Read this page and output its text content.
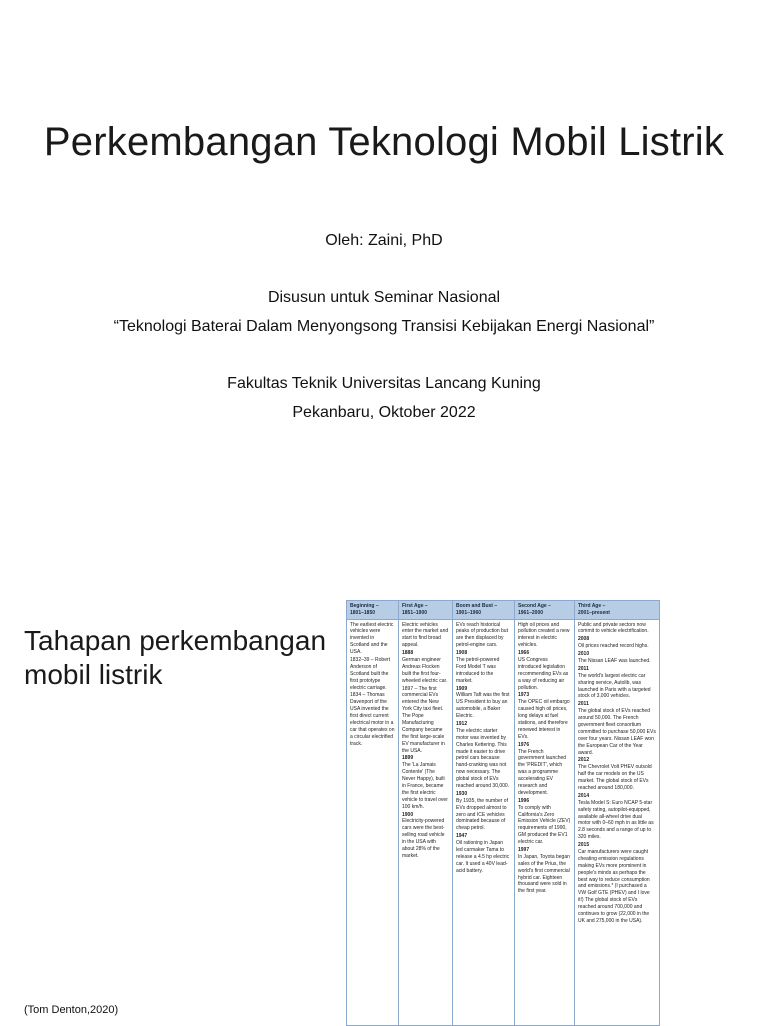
Perkembangan Teknologi Mobil Listrik
Oleh: Zaini, PhD
Disusun untuk Seminar Nasional
“Teknologi Baterai Dalam Menyongsong Transisi Kebijakan Energi Nasional”
Fakultas Teknik Universitas Lancang Kuning
Pekanbaru, Oktober 2022
Tahapan perkembangan mobil listrik
Beginning –
1801–1850
First Age –
1851–1900
Boom and Bust –
1901–1960
Second Age –
1961–2000
Third Age –
2001–present
The earliest electric vehicles were invented in Scotland and the USA.
1832–39 – Robert Anderson of Scotland built the first prototype electric carriage.
1834 – Thomas Davenport of the USA invented the first direct current electrical motor in a car that operates on a circular electrified track.
Electric vehicles enter the market and start to find broad appeal.
1888
German engineer Andreas Flocken built the first four-wheeled electric car.
1897 – The first commercial EVs entered the New York City taxi fleet. The Pope Manufacturing Company became the first large-scale EV manufacturer in the USA.
1899
The 'La Jamais Contente' (The Never Happy), built in France, became the first electric vehicle to travel over 100 km/h.
1900
Electricity-powered cars were the best-selling road vehicle in the USA with about 28% of the market.
EVs reach historical peaks of production but are then displaced by petrol-engine cars.
1908
The petrol-powered Ford Model T was introduced to the market.
1909
William Taft was the first US President to buy an automobile, a Baker Electric.
1912
The electric starter motor was invented by Charles Kettering. This made it easier to drive petrol cars because hand-cranking was not now necessary. The global stock of EVs reached around 30,000.
1930
By 1935, the number of EVs dropped almost to zero and ICE vehicles dominated because of cheap petrol.
1947
Oil rationing in Japan led carmaker Tama to release a 4.5 hp electric car. It used a 40V lead-acid battery.
High oil prices and pollution created a new interest in electric vehicles.
1966
US Congress introduced legislation recommending EVs as a way of reducing air pollution.
1973
The OPEC oil embargo caused high oil prices, long delays at fuel stations, and therefore renewed interest in EVs.
1976
The French government launched the 'PREDIT', which was a programme accelerating EV research and development.
1996
To comply with California's Zero Emission Vehicle (ZEV) requirements of 1990, GM produced the EV1 electric car.
1997
In Japan, Toyota began sales of the Prius, the world's first commercial hybrid car. Eighteen thousand were sold in the first year.
Public and private sectors now commit to vehicle electrification.
2008
Oil prices reached record highs.
2010
The Nissan LEAF was launched.
2011
The world's largest electric car sharing service, Autolib, was launched in Paris with a targeted stock of 3,000 vehicles.
2011
The global stock of EVs reached around 50,000. The French government fleet consortium committed to purchase 50,000 EVs over four years. Nissan LEAF won the European Car of the Year award.
2012
The Chevrolet Volt PHEV outsold half the car models on the US market. The global stock of EVs reached around 180,000.
2014
Tesla Model S: Euro NCAP 5-star safety rating, autopilot-equipped, available all-wheel drive dual motor with 0–60 mph in as little as 2.8 seconds and a range of up to 320 miles.
2015
Car manufacturers were caught cheating emission regulations making EVs more prominent in people's minds as perhaps the best way to reduce consumption and emissions.* (I purchased a VW Golf GTE (PHEV) and I love it!) The global stock of EVs reached around 700,000 and continues to grow (22,000 in the UK and 275,000 in the USA).
(Tom Denton,2020)
